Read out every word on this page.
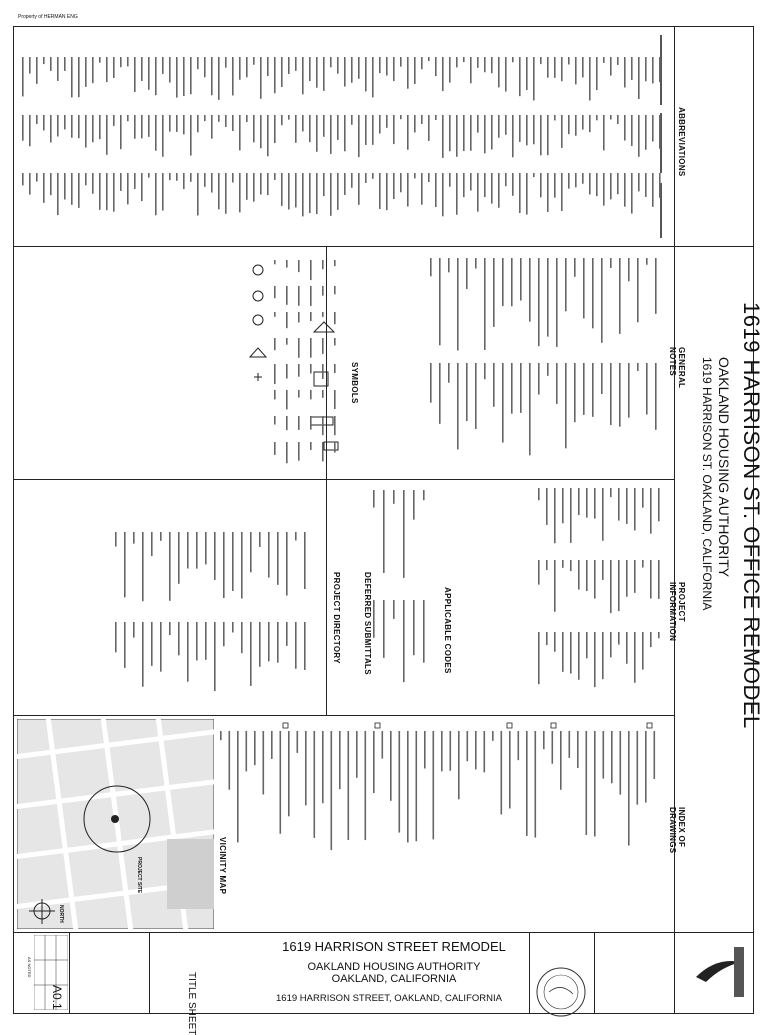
Property of HERMAN ENG
ABBREVIATIONS
1619 HARRISON ST. OFFICE REMODEL
OAKLAND HOUSING AUTHORITY
1619 HARRISON ST. OAKLAND, CALIFORNIA
GENERAL NOTES
SYMBOLS
PROJECT INFORMATION
APPLICABLE CODES
DEFERRED SUBMITTALS
PROJECT DIRECTORY
INDEX OF DRAWINGS
VICINITY MAP
PROJECT SITE
NORTH
1619 HARRISON STREET REMODEL
OAKLAND HOUSING AUTHORITY
OAKLAND, CALIFORNIA
1619 HARRISON STREET, OAKLAND, CALIFORNIA
TITLE SHEET
AS NOTED
A0.1
